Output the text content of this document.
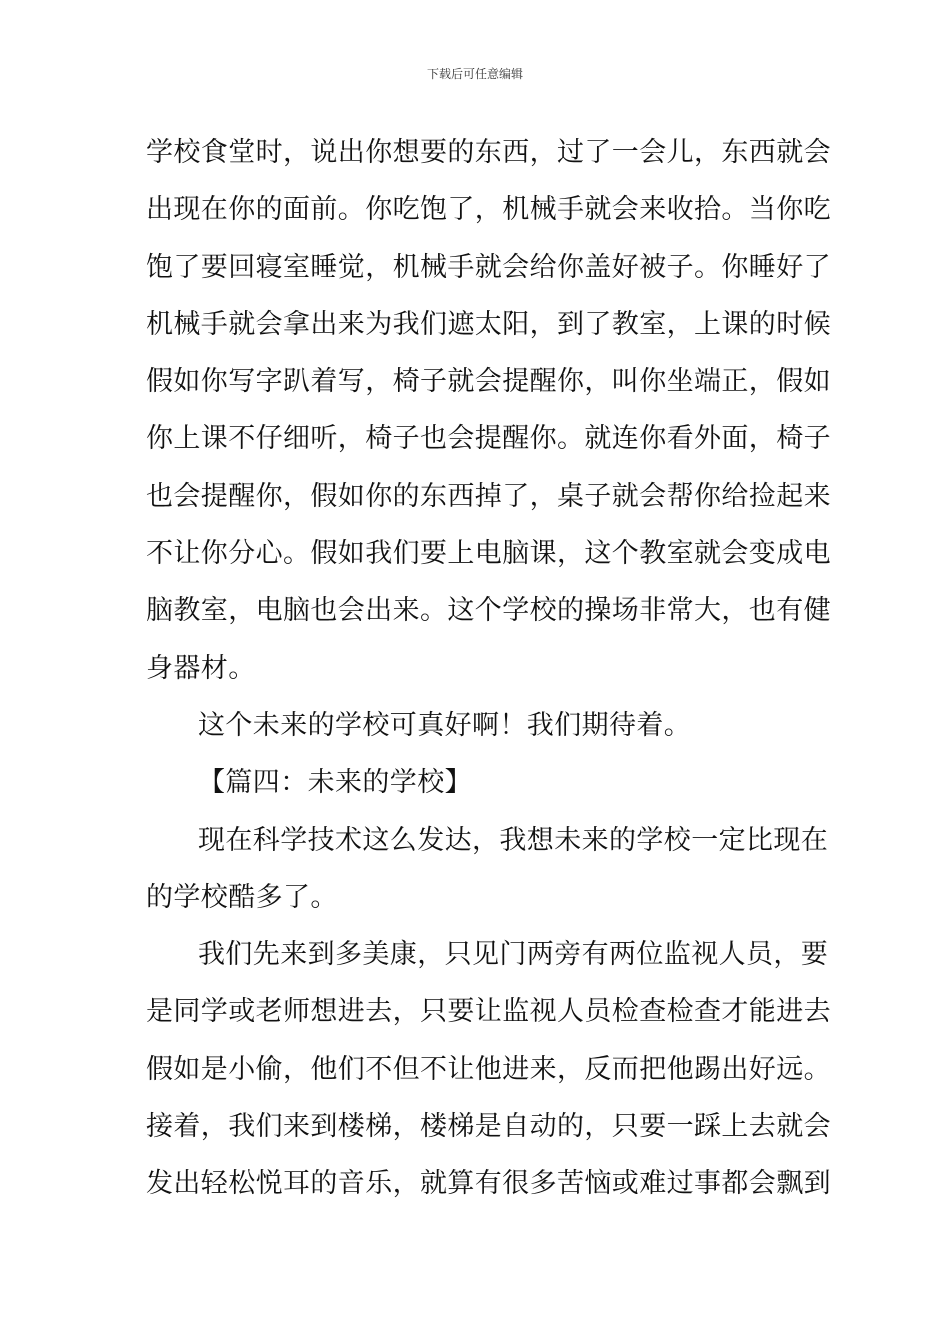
下载后可任意编辑
学校食堂时，说出你想要的东西，过了一会儿，东西就会
出现在你的面前。你吃饱了，机械手就会来收拾。当你吃
饱了要回寝室睡觉，机械手就会给你盖好被子。你睡好了
机械手就会拿出来为我们遮太阳，到了教室，上课的时候
假如你写字趴着写，椅子就会提醒你，叫你坐端正，假如
你上课不仔细听，椅子也会提醒你。就连你看外面，椅子
也会提醒你，假如你的东西掉了，桌子就会帮你给捡起来
不让你分心。假如我们要上电脑课，这个教室就会变成电
脑教室，电脑也会出来。这个学校的操场非常大，也有健
身器材。
这个未来的学校可真好啊！我们期待着。
【篇四：未来的学校】
现在科学技术这么发达，我想未来的学校一定比现在
的学校酷多了。
我们先来到多美康，只见门两旁有两位监视人员，要
是同学或老师想进去，只要让监视人员检查检查才能进去
假如是小偷，他们不但不让他进来，反而把他踢出好远。
接着，我们来到楼梯，楼梯是自动的，只要一踩上去就会
发出轻松悦耳的音乐，就算有很多苦恼或难过事都会飘到
